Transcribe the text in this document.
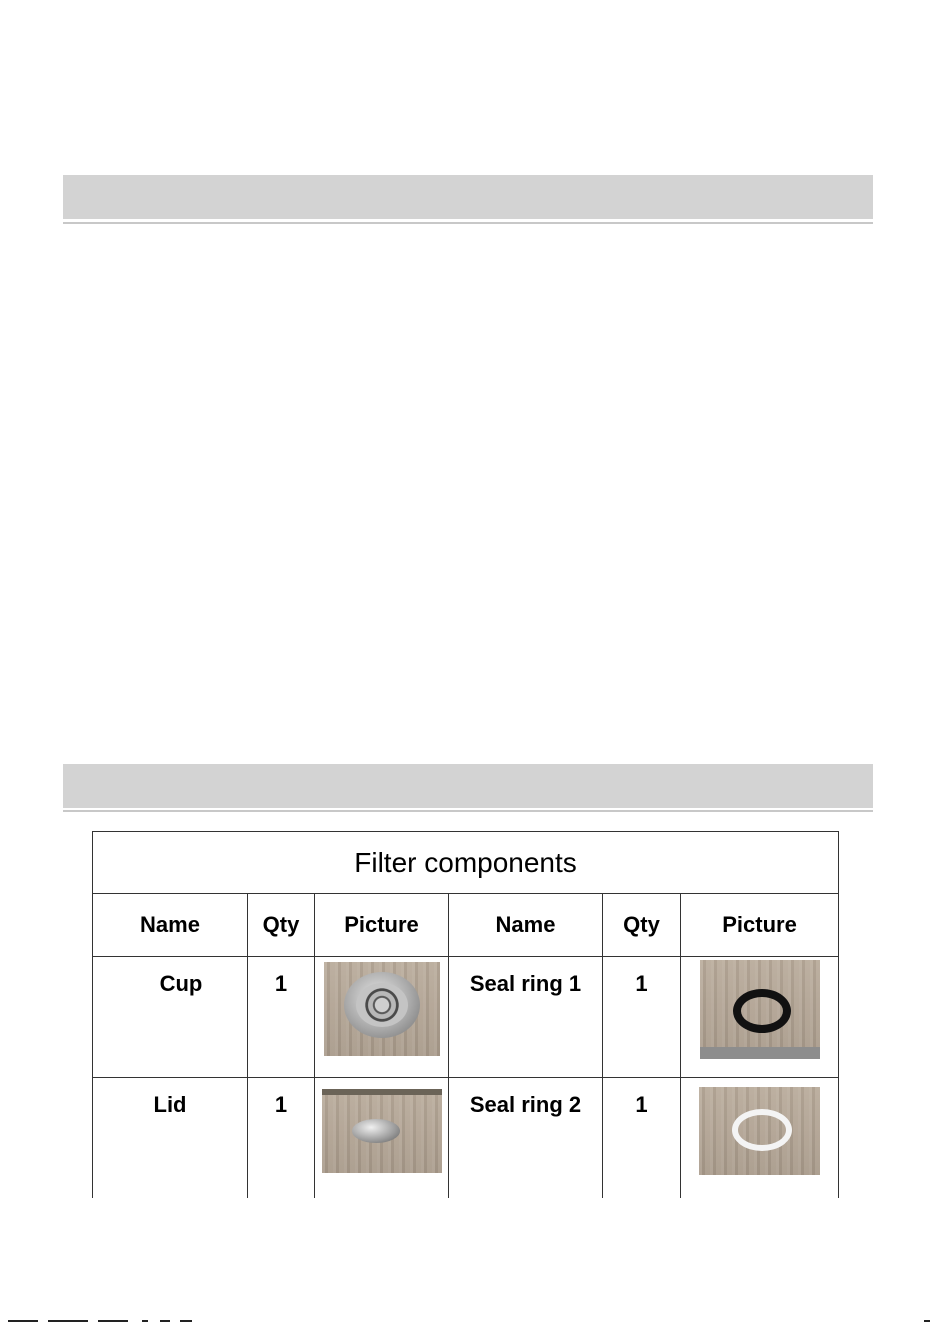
Filter components					
Name	Qty	Picture	Name	Qty	Picture
Cup	1		Seal ring 1	1	

Lid	1		Seal ring 2	1	
